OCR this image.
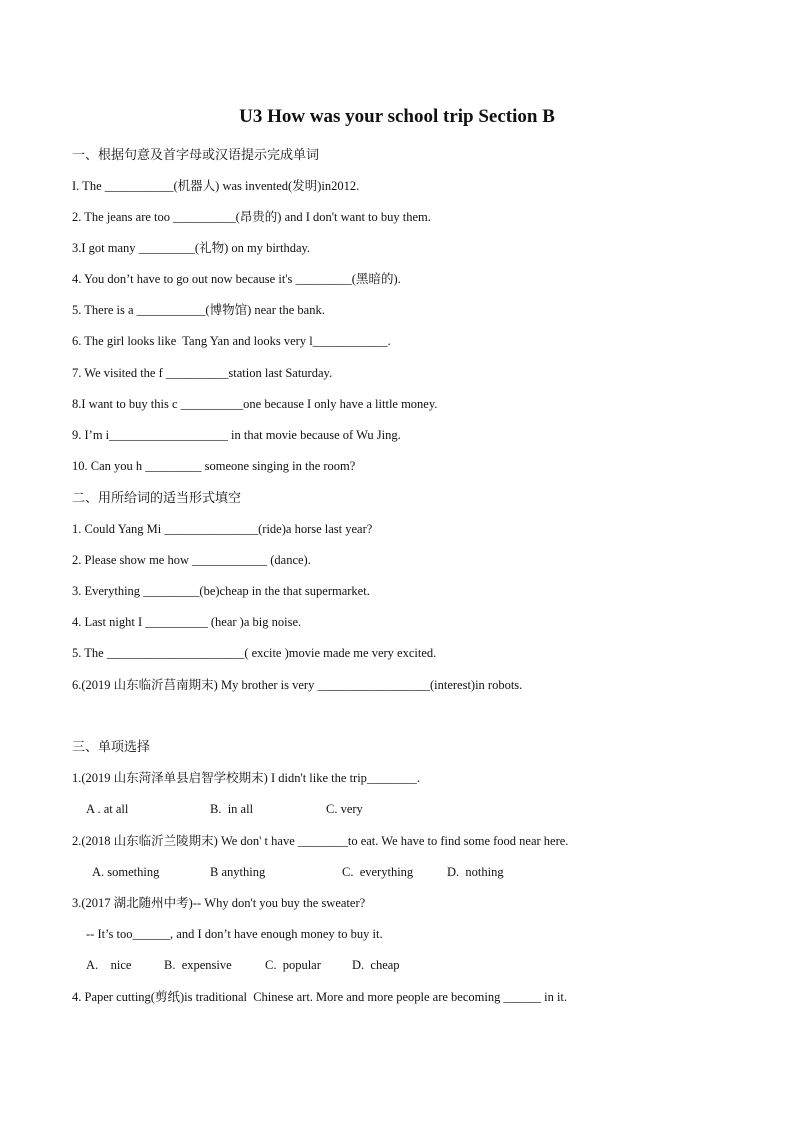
U3 How was your school trip Section B
一、根据句意及首字母或汉语提示完成单词
I. The ___________(机器人) was invented(发明)in2012.
2. The jeans are too __________(昂贵的) and I don't want to buy them.
3.I got many _________(礼物) on my birthday.
4. You don’t have to go out now because it's _________(黑暗的).
5. There is a ___________(博物馆) near the bank.
6. The girl looks like  Tang Yan and looks very l____________.
7. We visited the f __________station last Saturday.
8.I want to buy this c __________one because I only have a little money.
9. I’m i___________________ in that movie because of Wu Jing.
10. Can you h _________ someone singing in the room?
二、用所给词的适当形式填空
1. Could Yang Mi _______________(ride)a horse last year?
2. Please show me how ____________ (dance).
3. Everything _________(be)cheap in the that supermarket.
4. Last night I __________ (hear )a big noise.
5. The ______________________( excite )movie made me very excited.
6.(2019 山东临沂莒南期末) My brother is very __________________(interest)in robots.
三、单项选择
1.(2019 山东菏泽单县启智学校期末) I didn't like the trip________.
A . at all	B.  in all	C. very
2.(2018 山东临沂兰陵期末) We don' t have ________to eat. We have to find some food near here.
A. something	B anything	C.  everything	D.  nothing
3.(2017 湖北随州中考)-- Why don't you buy the sweater?
-- It’s too______, and I don’t have enough money to buy it.
A.    nice	B.  expensive	C.  popular D.  cheap
4. Paper cutting(剪纸)is traditional  Chinese art. More and more people are becoming ______ in it.
